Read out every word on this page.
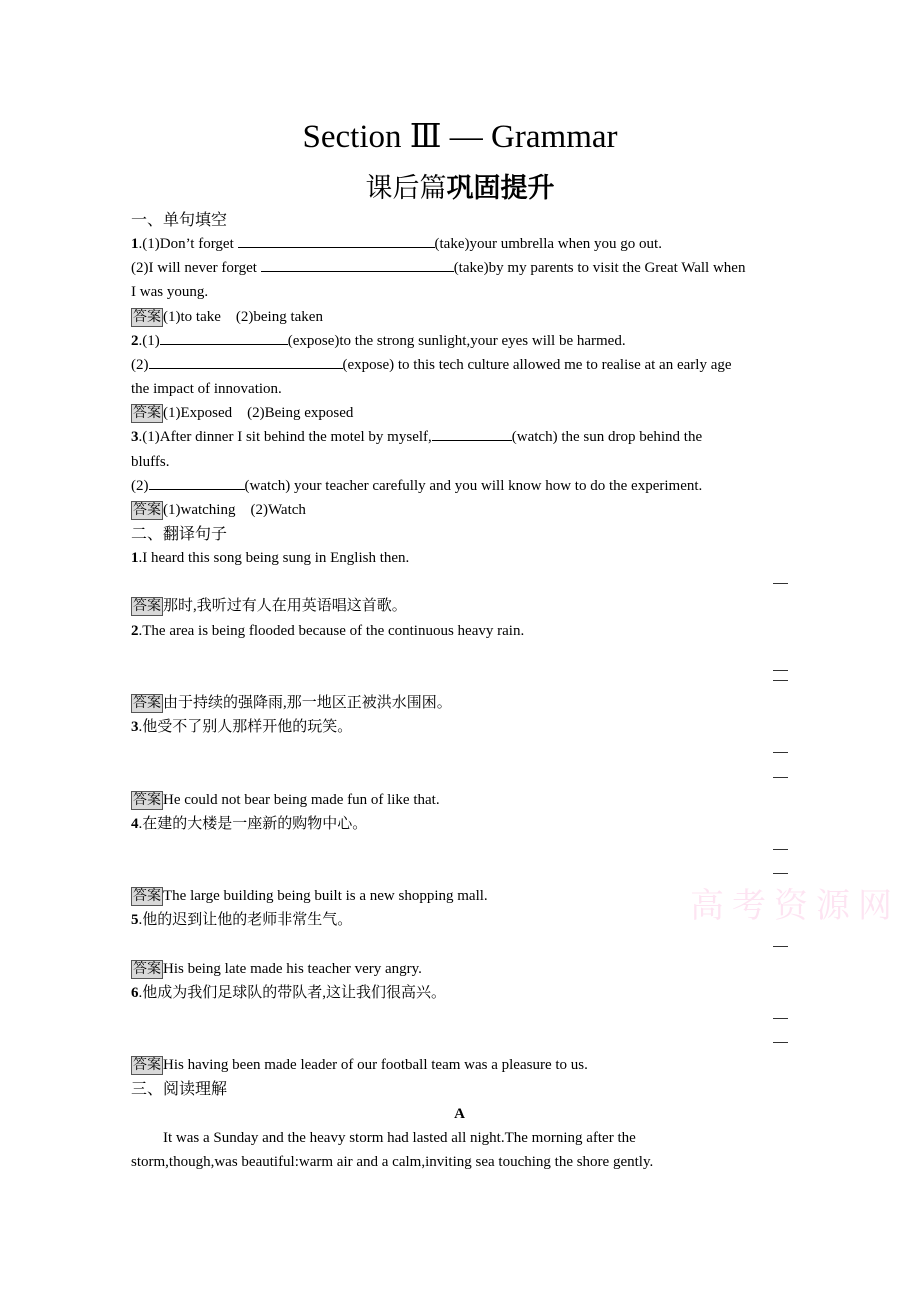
Section Ⅲ — Grammar
课后篇巩固提升
高考资源网
一、单句填空
1.(1)Don’t forget	(take)your umbrella when you go out.
(2)I will never forget	(take)by my parents to visit the Great Wall when
I was young.
答案 (1)to take　(2)being taken
2.(1)	(expose)to the strong sunlight,your eyes will be harmed.
(2)	(expose) to this tech culture allowed me to realise at an early age
the impact of innovation.
答案 (1)Exposed　(2)Being exposed
3.(1)After dinner I sit behind the motel by myself,	(watch) the sun drop behind the
bluffs.
(2)	(watch) your teacher carefully and you will know how to do the experiment.
答案 (1)watching　(2)Watch
二、翻译句子
1.I heard this song being sung in English then.
答案 那时,我听过有人在用英语唱这首歌。
2.The area is being flooded because of the continuous heavy rain.
答案 由于持续的强降雨,那一地区正被洪水围困。
3.他受不了别人那样开他的玩笑。
答案 He could not bear being made fun of like that.
4.在建的大楼是一座新的购物中心。
答案 The large building being built is a new shopping mall.
5.他的迟到让他的老师非常生气。
答案 His being late made his teacher very angry.
6.他成为我们足球队的带队者,这让我们很高兴。
答案 His having been made leader of our football team was a pleasure to us.
三、阅读理解
A
It was a Sunday and the heavy storm had lasted all night.The morning after the
storm,though,was beautiful:warm air and a calm,inviting sea touching the shore gently.
